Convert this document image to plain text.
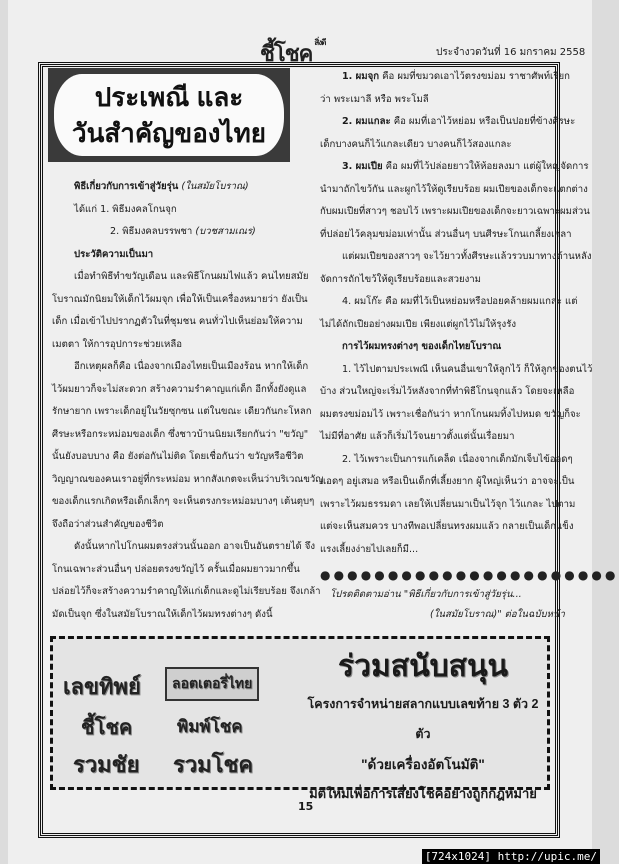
ชี้โชค $^{สิ่งดี}$
ประจำงวดวันที่ 16 มกราคม 2558
ประเพณี และ
วันสำคัญของไทย

พิธีเกี่ยวกับการเข้าสู่วัยรุ่น (ในสมัยโบราณ)

ได้แก่ 1. พิธีมงคลโกนจุก

2. พิธีมงคลบรรพชา (บวชสามเณร)

ประวัติความเป็นมา

เมื่อทำพิธีทำขวัญเดือน และพิธีโกนผมไฟแล้ว คนไทยสมัย

โบราณมักนิยมให้เด็กไว้ผมจุก เพื่อให้เป็นเครื่องหมายว่า ยังเป็น

เด็ก เมื่อเข้าไปปรากฏตัวในที่ชุมชน คนทั่วไปเห็นย่อมให้ความ

เมตตา ให้การอุปการะช่วยเหลือ

อีกเหตุผลก็คือ เนื่องจากเมืองไทยเป็นเมืองร้อน หากให้เด็ก

ไว้ผมยาวก็จะไม่สะดวก สร้างความรำคาญแก่เด็ก อีกทั้งยังดูแล

รักษายาก เพราะเด็กอยู่ในวัยซุกซน แต่ในขณะ เดียวกันกะโหลก

ศีรษะหรือกระหม่อมของเด็ก ซึ่งชาวบ้านนิยมเรียกกันว่า "ขวัญ"

นั้นยังบอบบาง คือ ยังต่อกันไม่ติด โดยเชื่อกันว่า ขวัญหรือชีวิต

วิญญาณของคนเราอยู่ที่กระหม่อม หากสังเกตจะเห็นว่าบริเวณขวัญ

ของเด็กแรกเกิดหรือเด็กเล็กๆ จะเห็นตรงกระหม่อมบางๆ เต้นตุบๆ

จึงถือว่าส่วนสำคัญของชีวิต

ดังนั้นหากไปโกนผมตรงส่วนนั้นออก อาจเป็นอันตรายได้ จึง

โกนเฉพาะส่วนอื่นๆ ปล่อยตรงขวัญไว้ ครั้นเมื่อผมยาวมากขึ้น

ปล่อยไว้ก็จะสร้างความรำคาญให้แก่เด็กและดูไม่เรียบร้อย จึงเกล้า

มัดเป็นจุก ซึ่งในสมัยโบราณให้เด็กไว้ผมทรงต่างๆ ดังนี้

1. ผมจุก คือ ผมที่ขมวดเอาไว้ตรงขม่อม ราชาศัพท์เรียก

ว่า พระเมาลี หรือ พระโมลี

2. ผมแกละ คือ ผมที่เอาไว้หย่อม หรือเป็นปอยที่ข้างศีรษะ

เด็กบางคนก็ไว้แกละเดียว บางคนก็ไว้สองแกละ

3. ผมเปีย คือ ผมที่ไว้ปล่อยยาวให้ห้อยลงมา แต่ผู้ใหญ่จัดการ

นำมาถักไขว้กัน และผูกไว้ให้ดูเรียบร้อย ผมเปียของเด็กจะแตกต่าง

กับผมเปียที่สาวๆ ชอบไว้ เพราะผมเปียของเด็กจะยาวเฉพาะผมส่วน

ที่ปล่อยไว้คลุมขม่อมเท่านั้น ส่วนอื่นๆ บนศีรษะโกนเกลี้ยงเกลา

แต่ผมเปียของสาวๆ จะไว้ยาวทั้งศีรษะแล้วรวบมาทางด้านหลัง

จัดการถักไขว้ให้ดูเรียบร้อยและสวยงาม

4. ผมโก๊ะ คือ ผมที่ไว้เป็นหย่อมหรือปอยคล้ายผมแกละ แต่

ไม่ได้ถักเปียอย่างผมเปีย เพียงแต่ผูกไว้ไม่ให้รุงรัง

การไว้ผมทรงต่างๆ ของเด็กไทยโบราณ

1. ไว้ไปตามประเพณี เห็นคนอื่นเขาให้ลูกไว้ ก็ให้ลูกของตนไว้

บ้าง ส่วนใหญ่จะเริ่มไว้หลังจากที่ทำพิธีโกนจุกแล้ว โดยจะเหลือ

ผมตรงขม่อมไว้ เพราะเชื่อกันว่า หากโกนผมทิ้งไปหมด ขวัญก็จะ

ไม่มีที่อาศัย แล้วก็เริ่มไว้จนยาวตั้งแต่นั้นเรื่อยมา

2. ไว้เพราะเป็นการแก้เคล็ด เนื่องจากเด็กมักเจ็บไข้ออดๆ

แอดๆ อยู่เสมอ หรือเป็นเด็กที่เลี้ยงยาก ผู้ใหญ่เห็นว่า อาจจะเป็น

เพราะไว้ผมธรรมดา เลยให้เปลี่ยนมาเป็นไว้จุก ไว้แกละ ไปตาม

แต่จะเห็นสมควร บางทีพอเปลี่ยนทรงผมแล้ว กลายเป็นเด็กแข็ง

แรงเลี้ยงง่ายไปเลยก็มี...

●●●●●●●●●●●●●●●●●●●●●●

โปรดติดตามอ่าน "พิธีเกี่ยวกับการเข้าสู่วัยรุ่น...

(ในสมัยโบราณ)" ต่อในฉบับหน้า

เลขทิพย์	ลอตเตอรี่ไทย
ชี้โชค	พิมพ์โชค
รวมชัย รวมโชค
ร่วมสนับสนุน
โครงการจำหน่ายสลากแบบเลขท้าย 3 ตัว 2 ตัว
"ด้วยเครื่องอัตโนมัติ"
มิติใหม่เพื่อการเสี่ยงโชคอย่างถูกกฎหมาย
15
[724x1024] http://upic.me/
